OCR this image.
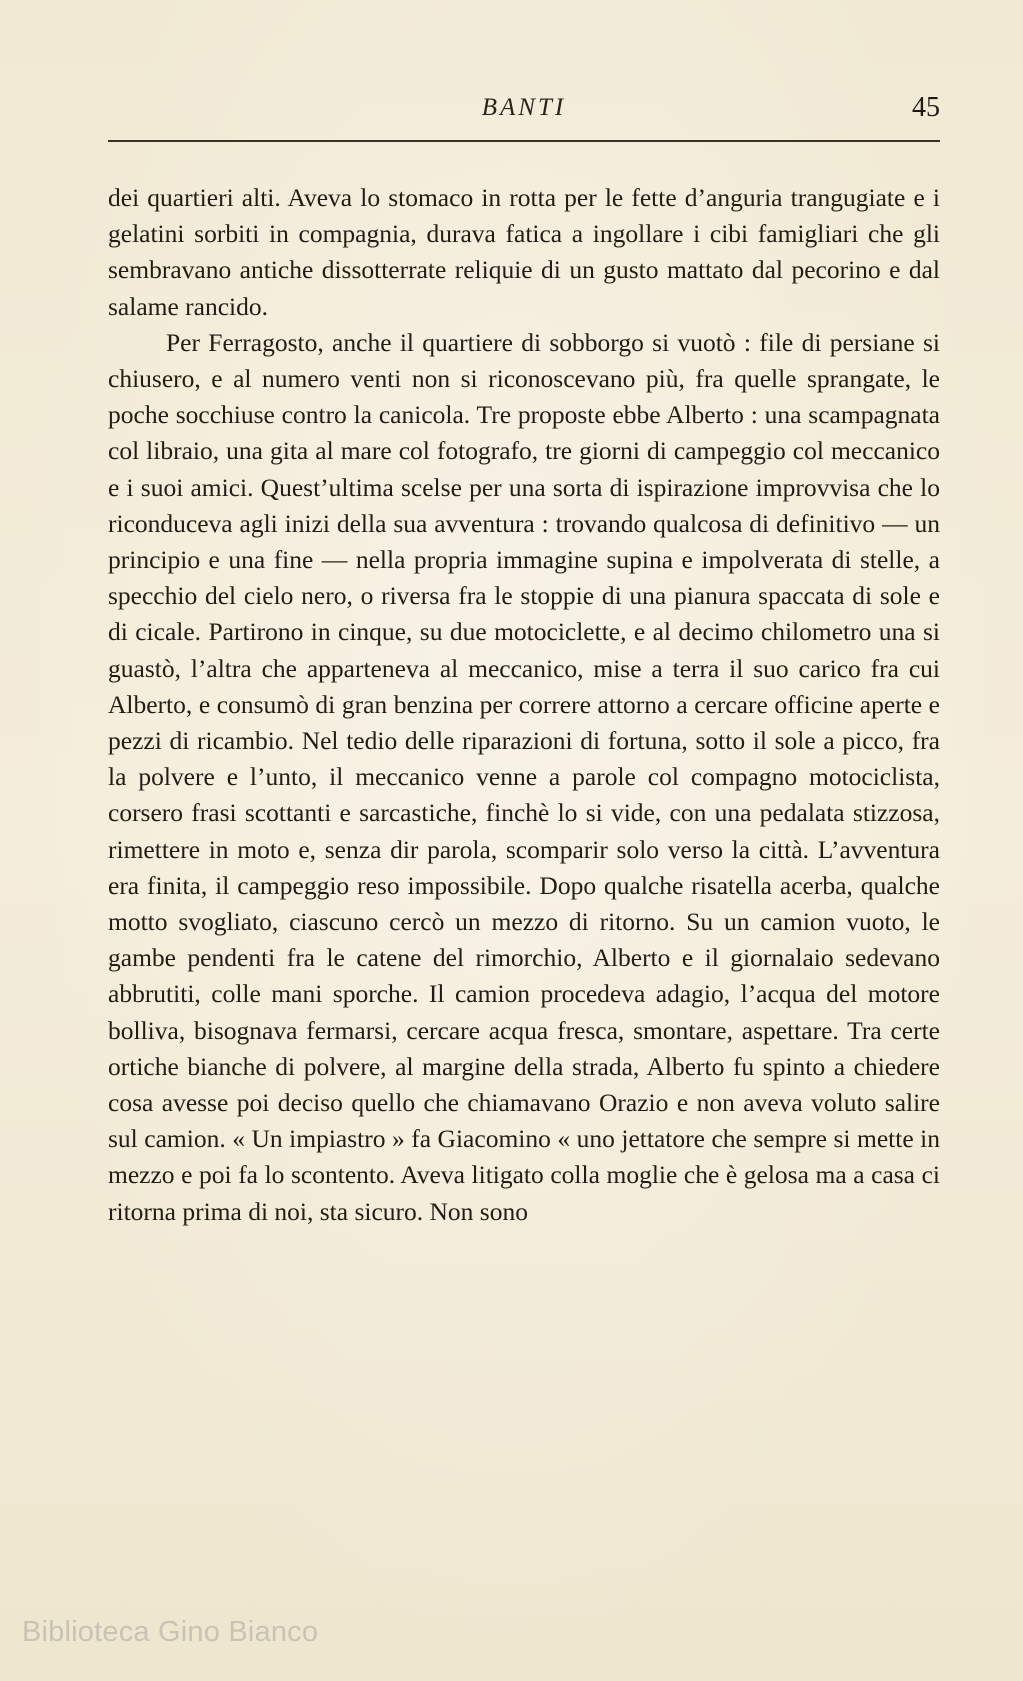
BANTI	45

dei quartieri alti. Aveva lo stomaco in rotta per le fette d’anguria trangugiate e i gelatini sorbiti in compagnia, durava fatica a ingollare i cibi famigliari che gli sembravano antiche dissotterrate reliquie di un gusto mattato dal pecorino e dal salame rancido.

Per Ferragosto, anche il quartiere di sobborgo si vuotò : file di persiane si chiusero, e al numero venti non si riconoscevano più, fra quelle sprangate, le poche socchiuse contro la canicola. Tre proposte ebbe Alberto : una scampagnata col libraio, una gita al mare col fotografo, tre giorni di campeggio col meccanico e i suoi amici. Quest’ultima scelse per una sorta di ispirazione improvvisa che lo riconduceva agli inizi della sua avventura : trovando qualcosa di definitivo — un principio e una fine — nella propria immagine supina e impolverata di stelle, a specchio del cielo nero, o riversa fra le stoppie di una pianura spaccata di sole e di cicale. Partirono in cinque, su due motociclette, e al decimo chilometro una si guastò, l’altra che apparteneva al meccanico, mise a terra il suo carico fra cui Alberto, e consumò di gran benzina per correre attorno a cercare officine aperte e pezzi di ricambio. Nel tedio delle riparazioni di fortuna, sotto il sole a picco, fra la polvere e l’unto, il meccanico venne a parole col compagno motociclista, corsero frasi scottanti e sarcastiche, finchè lo si vide, con una pedalata stizzosa, rimettere in moto e, senza dir parola, scomparir solo verso la città. L’avventura era finita, il campeggio reso impossibile. Dopo qualche risatella acerba, qualche motto svogliato, ciascuno cercò un mezzo di ritorno. Su un camion vuoto, le gambe pendenti fra le catene del rimorchio, Alberto e il giornalaio sedevano abbrutiti, colle mani sporche. Il camion procedeva adagio, l’acqua del motore bolliva, bisognava fermarsi, cercare acqua fresca, smontare, aspettare. Tra certe ortiche bianche di polvere, al margine della strada, Alberto fu spinto a chiedere cosa avesse poi deciso quello che chiamavano Orazio e non aveva voluto salire sul camion. « Un impiastro » fa Giacomino « uno jettatore che sempre si mette in mezzo e poi fa lo scontento. Aveva litigato colla moglie che è gelosa ma a casa ci ritorna prima di noi, sta sicuro. Non sono

Biblioteca Gino Bianco
